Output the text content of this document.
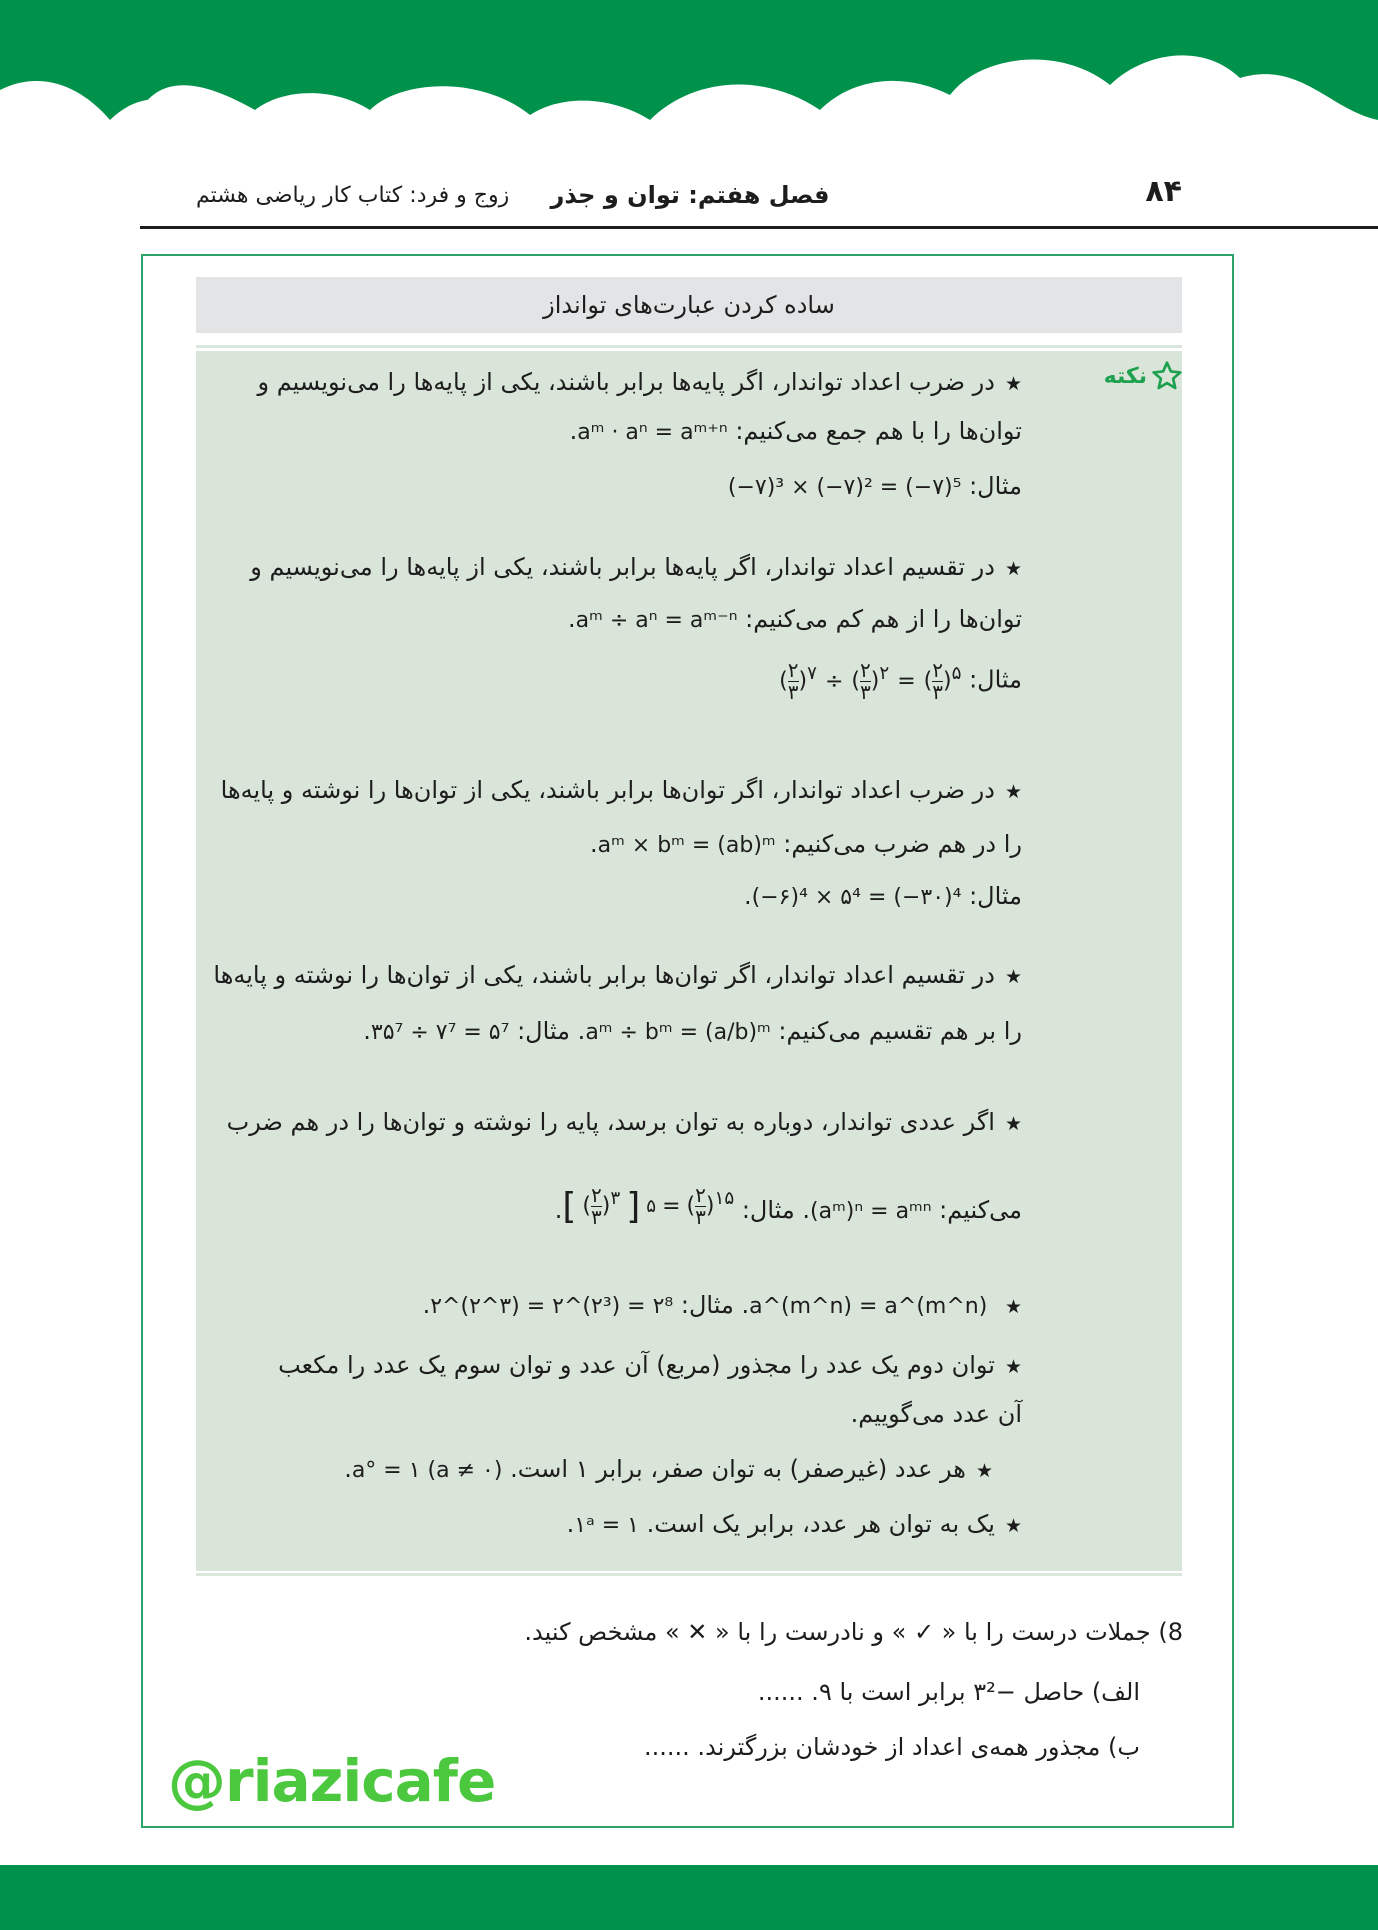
۸۴
فصل هفتم: توان و جذر
زوج و فرد: کتاب کار ریاضی هشتم
ساده کردن عبارت‌های توانداز
نکته
★در ضرب اعداد تواندار، اگر پایه‌ها برابر باشند، یکی از پایه‌ها را می‌نویسیم و
توان‌ها را با هم جمع می‌کنیم: aᵐ · aⁿ = aᵐ⁺ⁿ.
مثال: (−۷)³ × (−۷)² = (−۷)⁵
★در تقسیم اعداد تواندار، اگر پایه‌ها برابر باشند، یکی از پایه‌ها را می‌نویسیم و
توان‌ها را از هم کم می‌کنیم: aᵐ ÷ aⁿ = aᵐ⁻ⁿ.
مثال:
( $\frac{۲}{۳} )^۷$ ÷ ( $\frac{۲}{۳} )^۲$ = ( $\frac{۲}{۳} )^۵$
★در ضرب اعداد تواندار، اگر توان‌ها برابر باشند، یکی از توان‌ها را نوشته و پایه‌ها
را در هم ضرب می‌کنیم: aᵐ × bᵐ = (ab)ᵐ.
مثال: (−۶)⁴ × ۵⁴ = (−۳۰)⁴.
★در تقسیم اعداد تواندار، اگر توان‌ها برابر باشند، یکی از توان‌ها را نوشته و پایه‌ها
را بر هم تقسیم می‌کنیم: aᵐ ÷ bᵐ = (a/b)ᵐ. مثال: ۳۵⁷ ÷ ۷⁷ = ۵⁷.
★اگر عددی تواندار، دوباره به توان برسد، پایه را نوشته و توان‌ها را در هم ضرب
می‌کنیم: (aᵐ)ⁿ = aᵐⁿ. مثال:
[ ( $\frac{۲}{۳} )^۳$ ] ۵ = ( $\frac{۲}{۳} )^{۱۵}$
.
★ a^(m^n) = a^(m^n). مثال: ۲^(۲^۳) = ۲^(۲³) = ۲⁸.
★توان دوم یک عدد را مجذور (مربع) آن عدد و توان سوم یک عدد را مکعب
آن عدد می‌گوییم.
★هر عدد (غیرصفر) به توان صفر، برابر ۱ است. a° = ۱ (a ≠ ۰).
★یک به توان هر عدد، برابر یک است. ۱ᵃ = ۱.
8) جملات درست را با « ✓ » و نادرست را با « ✕ » مشخص کنید.
الف) حاصل −۳² برابر است با ۹. ......
ب) مجذور همه‌ی اعداد از خودشان بزرگترند. ......
@riazicafe
